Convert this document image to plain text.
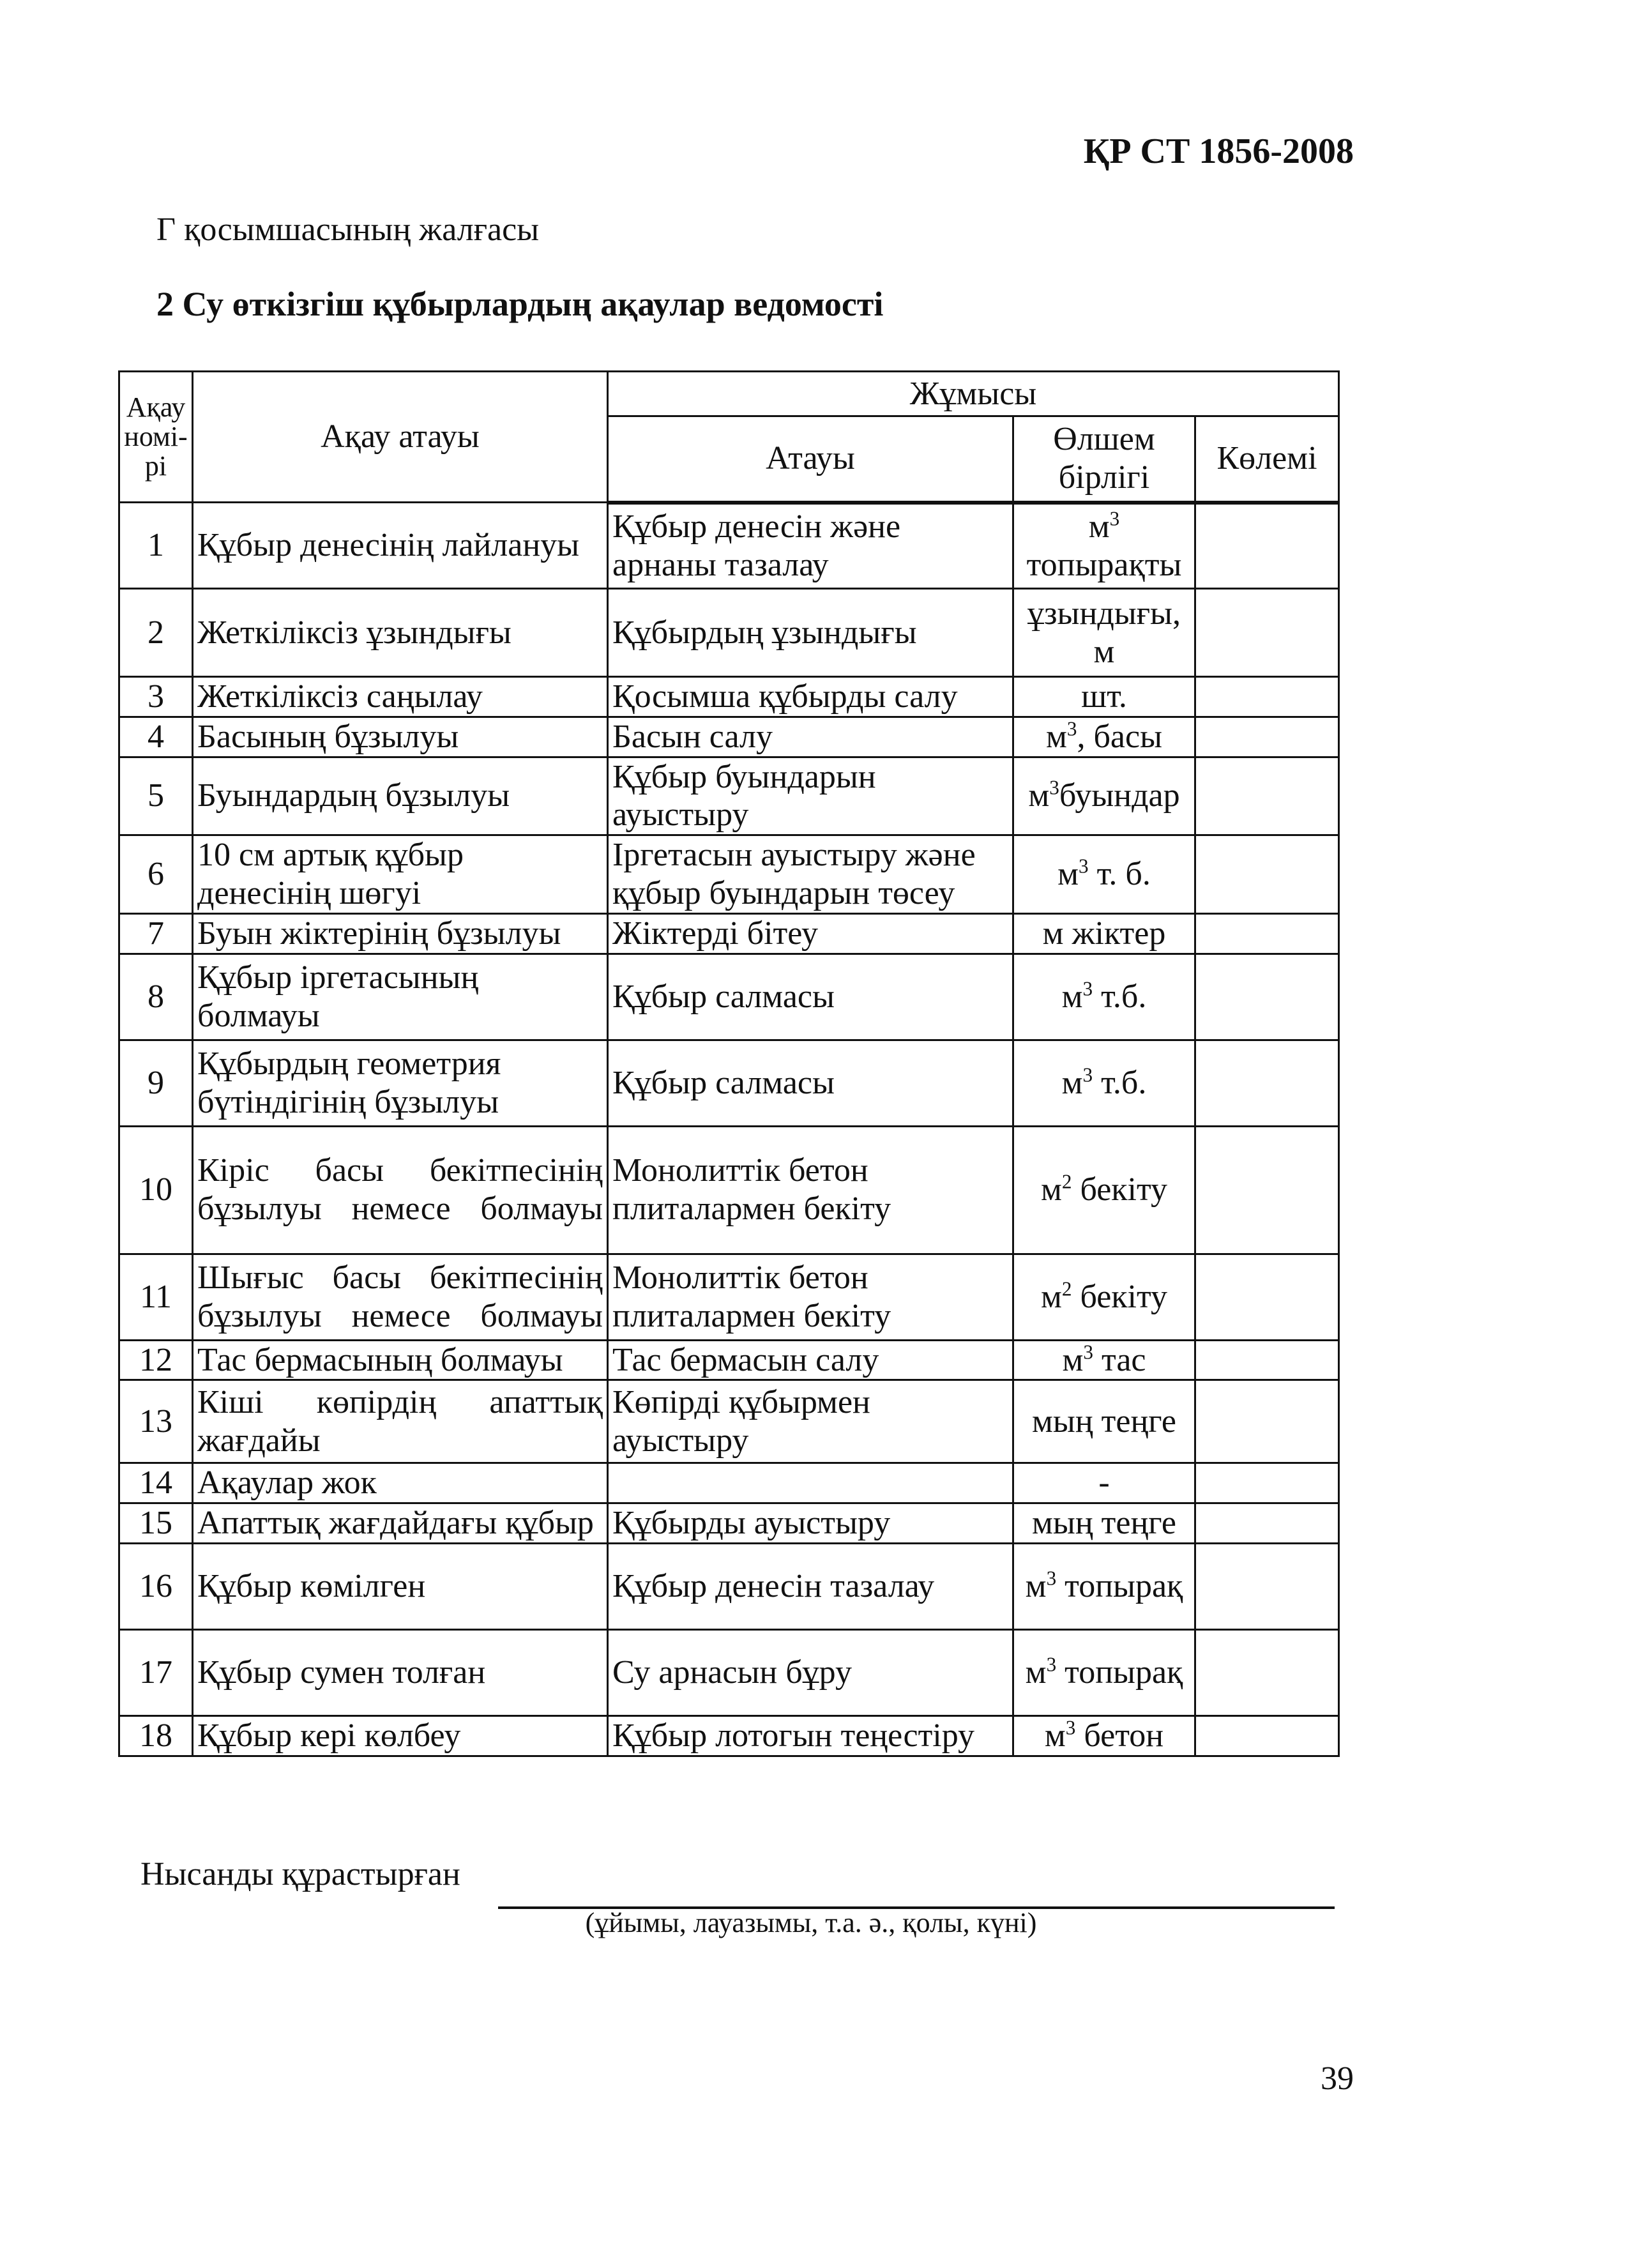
ҚР СТ 1856-2008
Г қосымшасының жалғасы
2 Су өткізгіш құбырлардың ақаулар ведомості
Ақау номі-рі	Ақау атауы	Жұмысы		
		Атауы	Өлшем бірлігі	Көлемі
1	Құбыр денесінің лайлануы	Құбыр денесін және арнаны тазалау	$м^3$ топырақты	
2	Жеткіліксіз ұзындығы	Құбырдың ұзындығы	ұзындығы, м	
3	Жеткіліксіз саңылау	Қосымша құбырды салу	шт.	
4	Басының бұзылуы	Басын салу	$м^3$, басы	
5	Буындардың бұзылуы	Құбыр буындарын ауыстыру	$м^3буындар$	
6	10 см артық құбыр денесінің шөгуі	Іргетасын ауыстыру және құбыр буындарын төсеу	$м^3$ т. б.	
7	Буын жіктерінің бұзылуы	Жіктерді бітеу	м жіктер	
8	Құбыр іргетасының болмауы	Құбыр салмасы	$м^3$ т.б.	
9	Құбырдың геометрия бүтіндігінің бұзылуы	Құбыр салмасы	$м^3$ т.б.	
10	Кіріс басы бекітпесінің бұзылуы немесе болмауы	Монолиттік бетон плиталармен бекіту	$м^2$ бекіту	
11	Шығыс басы бекітпесінің бұзылуы немесе болмауы	Монолиттік бетон плиталармен бекіту	$м^2$ бекіту	
12	Тас бермасының болмауы	Тас бермасын салу	$м^3$ тас	
13	Кіші көпірдің апаттық жағдайы	Көпірді құбырмен ауыстыру	мың теңге	
14	Ақаулар жок		-	
15	Апаттық жағдайдағы құбыр	Құбырды ауыстыру	мың теңге	
16	Құбыр көмілген	Құбыр денесін тазалау	$м^3$ топырақ	
17	Құбыр сумен толған	Су арнасын бұру	$м^3$ топырақ	
18	Құбыр кері көлбеу	Құбыр лотогын теңестіру	$м^3$ бетон	
Нысанды құрастырған
(ұйымы, лауазымы, т.а. ә., қолы, күні)
39
